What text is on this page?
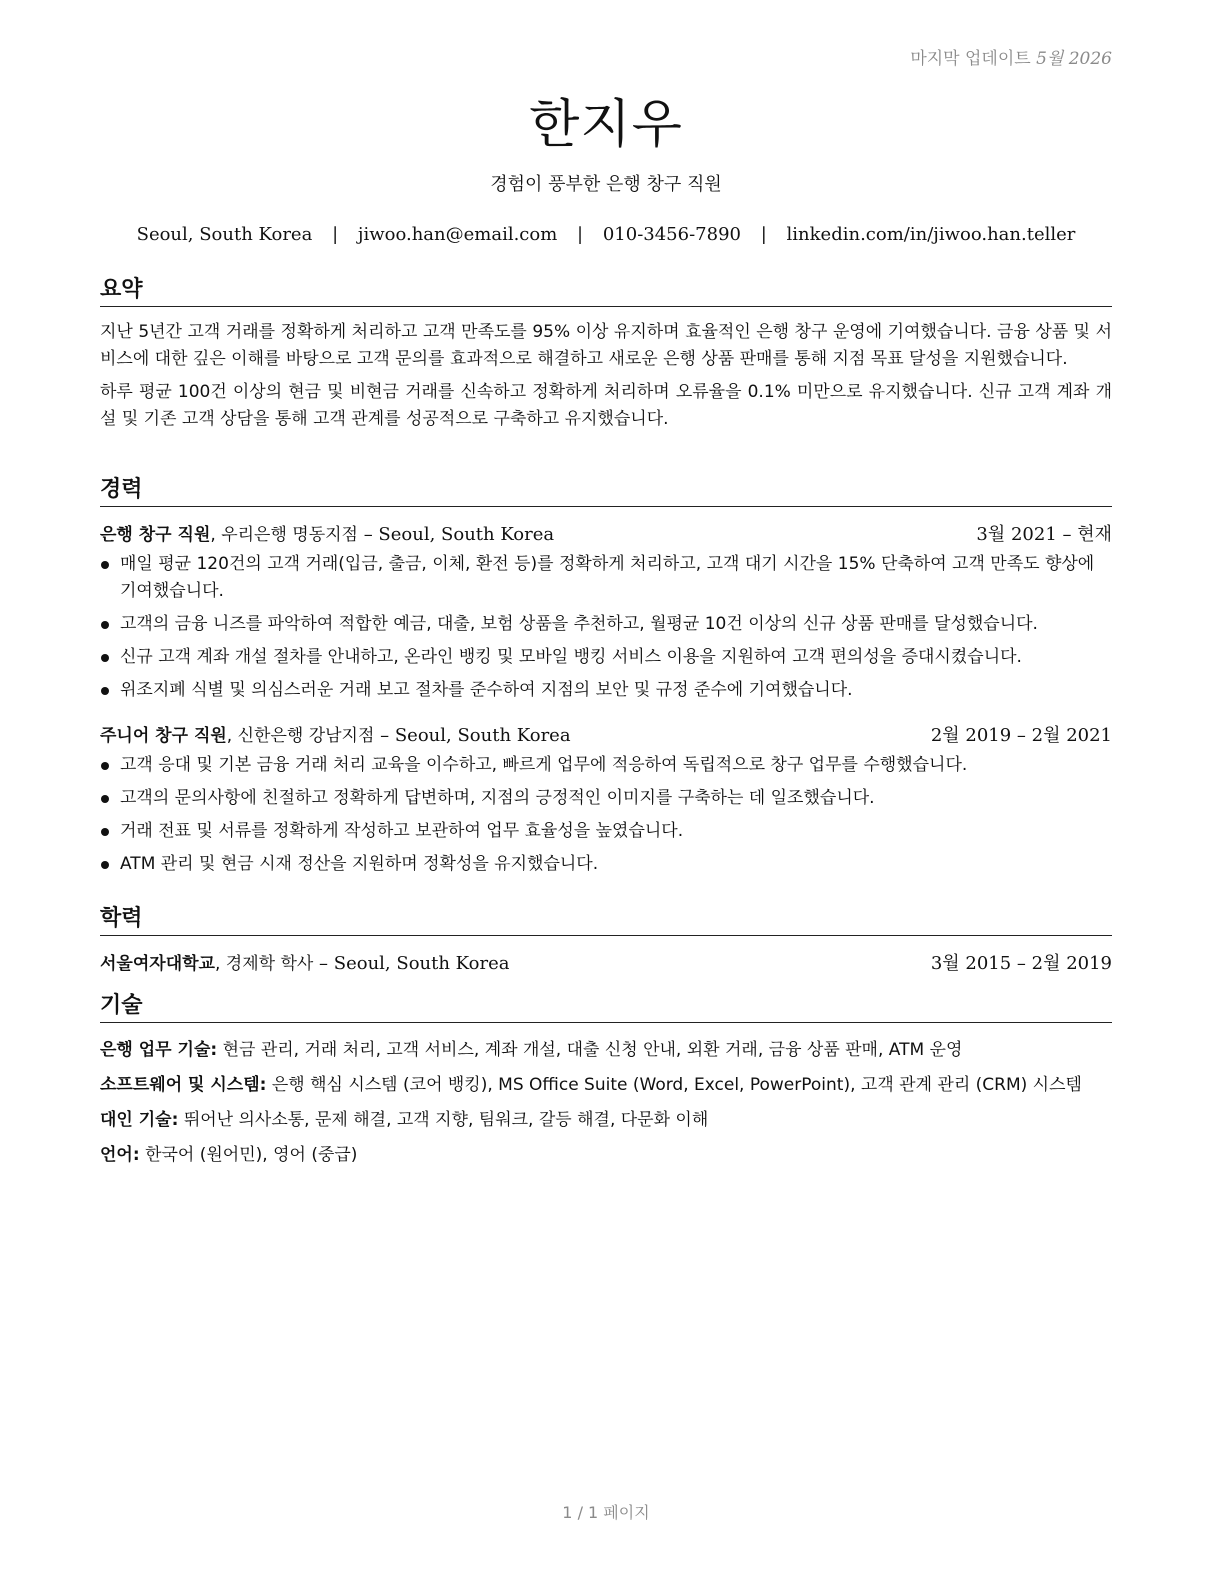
마지막 업데이트 5월 2026
한지우
경험이 풍부한 은행 창구 직원
Seoul, South Korea | jiwoo.han@email.com | 010-3456-7890 | linkedin.com/in/jiwoo.han.teller
요약

지난 5년간 고객 거래를 정확하게 처리하고 고객 만족도를 95% 이상 유지하며 효율적인 은행 창구 운영에 기여했습니다. 금융 상품 및 서비스에 대한 깊은 이해를 바탕으로 고객 문의를 효과적으로 해결하고 새로운 은행 상품 판매를 통해 지점 목표 달성을 지원했습니다.

하루 평균 100건 이상의 현금 및 비현금 거래를 신속하고 정확하게 처리하며 오류율을 0.1% 미만으로 유지했습니다. 신규 고객 계좌 개설 및 기존 고객 상담을 통해 고객 관계를 성공적으로 구축하고 유지했습니다.

경력
은행 창구 직원, 우리은행 명동지점 – Seoul, South Korea	3월 2021 – 현재
매일 평균 120건의 고객 거래(입금, 출금, 이체, 환전 등)를 정확하게 처리하고, 고객 대기 시간을 15% 단축하여 고객 만족도 향상에 기여했습니다.
고객의 금융 니즈를 파악하여 적합한 예금, 대출, 보험 상품을 추천하고, 월평균 10건 이상의 신규 상품 판매를 달성했습니다.
신규 고객 계좌 개설 절차를 안내하고, 온라인 뱅킹 및 모바일 뱅킹 서비스 이용을 지원하여 고객 편의성을 증대시켰습니다.
위조지폐 식별 및 의심스러운 거래 보고 절차를 준수하여 지점의 보안 및 규정 준수에 기여했습니다.
주니어 창구 직원, 신한은행 강남지점 – Seoul, South Korea	2월 2019 – 2월 2021
고객 응대 및 기본 금융 거래 처리 교육을 이수하고, 빠르게 업무에 적응하여 독립적으로 창구 업무를 수행했습니다.
고객의 문의사항에 친절하고 정확하게 답변하며, 지점의 긍정적인 이미지를 구축하는 데 일조했습니다.
거래 전표 및 서류를 정확하게 작성하고 보관하여 업무 효율성을 높였습니다.
ATM 관리 및 현금 시재 정산을 지원하며 정확성을 유지했습니다.
학력
서울여자대학교, 경제학 학사 – Seoul, South Korea	3월 2015 – 2월 2019
기술
은행 업무 기술: 현금 관리, 거래 처리, 고객 서비스, 계좌 개설, 대출 신청 안내, 외환 거래, 금융 상품 판매, ATM 운영
소프트웨어 및 시스템: 은행 핵심 시스템 (코어 뱅킹), MS Office Suite (Word, Excel, PowerPoint), 고객 관계 관리 (CRM) 시스템
대인 기술: 뛰어난 의사소통, 문제 해결, 고객 지향, 팀워크, 갈등 해결, 다문화 이해
언어: 한국어 (원어민), 영어 (중급)
1 / 1 페이지
